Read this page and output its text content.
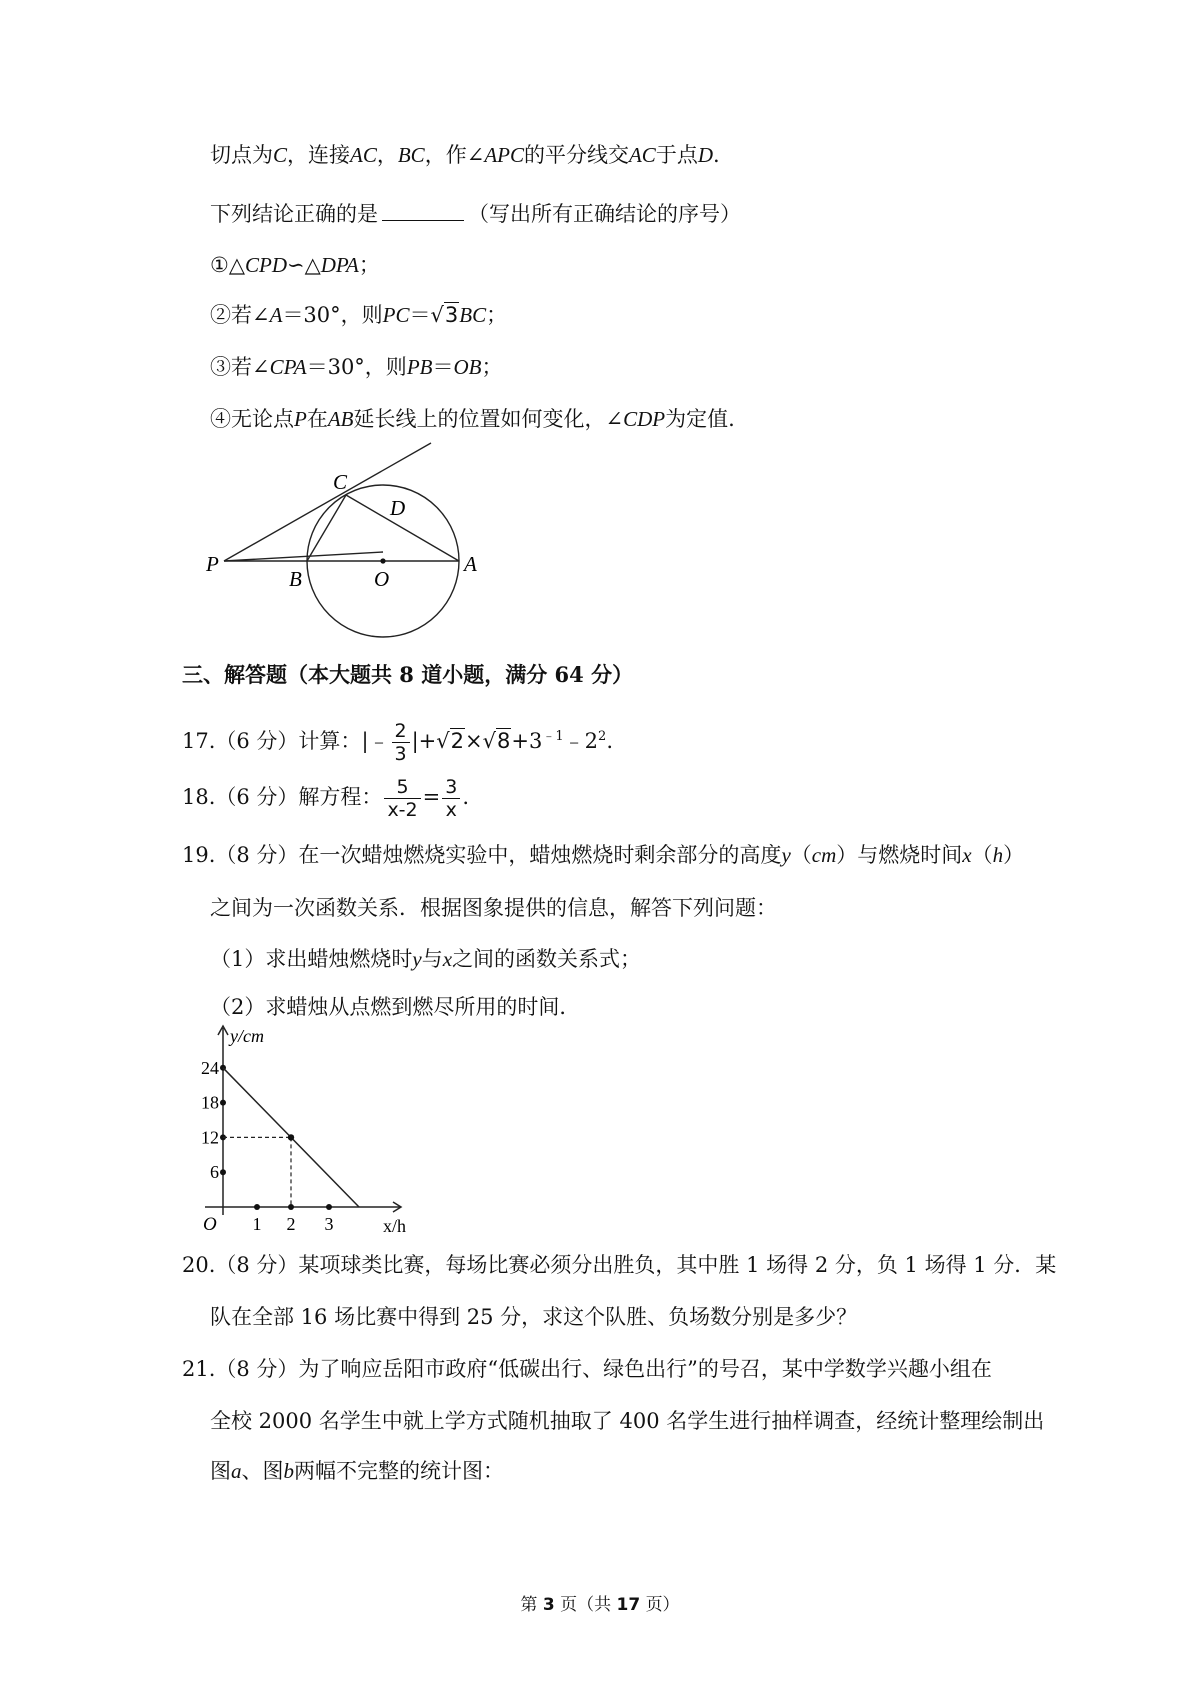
切点为C，连接AC，BC，作∠APC的平分线交AC于点D.
下列结论正确的是	（写出所有正确结论的序号）
①△CPD∽△DPA；
②若∠A＝30°，则PC＝√3BC；
③若∠CPA＝30°，则PB＝OB；
④无论点P在AB延长线上的位置如何变化，∠CDP为定值.
P
B	O
A
C
D
三、解答题（本大题共 8 道小题，满分 64 分）
17.（6 分）计算：|﹣ $\frac{2}{3}$ $|+√2\times√8+3^{﹣1}﹣2^2$.
18.（6 分）解方程： $\frac{5}{x-2} = \frac{3}{x}$ .
19.（8 分）在一次蜡烛燃烧实验中，蜡烛燃烧时剩余部分的高度y（cm）与燃烧时间x（h）
之间为一次函数关系．根据图象提供的信息，解答下列问题：
（1）求出蜡烛燃烧时y与x之间的函数关系式；
（2）求蜡烛从点燃到燃尽所用的时间．
y/cm
x/h
O
6
12
18
24
1 2 3
20.（8 分）某项球类比赛，每场比赛必须分出胜负，其中胜 1 场得 2 分，负 1 场得 1 分．某
队在全部 16 场比赛中得到 25 分，求这个队胜、负场数分别是多少？
21.（8 分）为了响应岳阳市政府“低碳出行、绿色出行”的号召，某中学数学兴趣小组在
全校 2000 名学生中就上学方式随机抽取了 400 名学生进行抽样调查，经统计整理绘制出
图a、图b两幅不完整的统计图：
第 3 页（共 17 页）
